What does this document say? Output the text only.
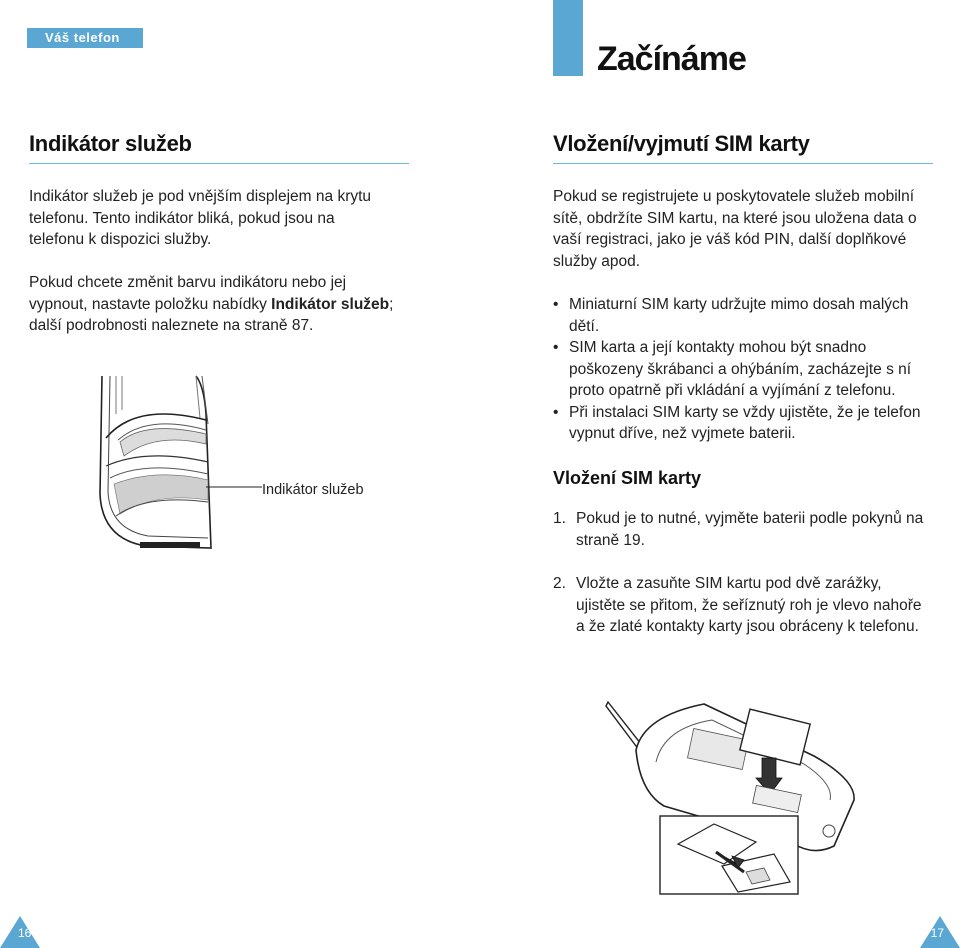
Váš telefon
Začínáme
Indikátor služeb

Indikátor služeb je pod vnějším displejem na krytu telefonu. Tento indikátor bliká, pokud jsou na telefonu k dispozici služby.

Pokud chcete změnit barvu indikátoru nebo jej vypnout, nastavte položku nabídky Indikátor služeb; další podrobnosti naleznete na straně 87.

Indikátor služeb
Vložení/vyjmutí SIM karty

Pokud se registrujete u poskytovatele služeb mobilní sítě, obdržíte SIM kartu, na které jsou uložena data o vaší registraci, jako je váš kód PIN, další doplňkové služby apod.

• Miniaturní SIM karty udržujte mimo dosah malých dětí.
• SIM karta a její kontakty mohou být snadno poškozeny škrábanci a ohýbáním, zacházejte s ní proto opatrně při vkládání a vyjímání z telefonu.
• Při instalaci SIM karty se vždy ujistěte, že je telefon vypnut dříve, než vyjmete baterii.
Vložení SIM karty
1. Pokud je to nutné, vyjměte baterii podle pokynů na straně 19.
2. Vložte a zasuňte SIM kartu pod dvě zarážky, ujistěte se přitom, že seříznutý roh je vlevo nahoře a že zlaté kontakty karty jsou obráceny k telefonu.
16	17
